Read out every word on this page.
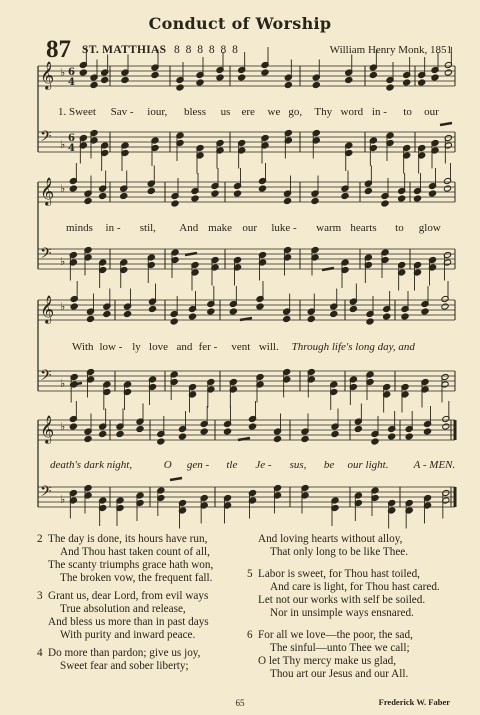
Conduct of Worship
87 ST. MATTHIAS 8 8 8 8 8 8	William Henry Monk, 1851
𝄞 ♭ 6
4
𝄢 ♭ 6
4
𝄞 ♭
𝄢 ♭
𝄞 ♭
𝄢 ♭
𝄞 ♭
𝄢 ♭
1. Sweet Sav - iour, bless us ere we go, Thy word in - to our
minds in - stil, And make our luke - warm hearts to glow
With low - ly love and fer - vent will. Through life's long day, and
death's dark night,	O gen - tle Je - sus, be our light. A - MEN.
2 The day is done, its hours have run,
And Thou hast taken count of all,
The scanty triumphs grace hath won,
The broken vow, the frequent fall.
3 Grant us, dear Lord, from evil ways
True absolution and release,
And bless us more than in past days
With purity and inward peace.
4 Do more than pardon; give us joy,
Sweet fear and sober liberty;
And loving hearts without alloy,
That only long to be like Thee.
5 Labor is sweet, for Thou hast toiled,
And care is light, for Thou hast cared.
Let not our works with self be soiled.
Nor in unsimple ways ensnared.
6 For all we love—the poor, the sad,
The sinful—unto Thee we call;
O let Thy mercy make us glad,
Thou art our Jesus and our All.
65	Frederick W. Faber
